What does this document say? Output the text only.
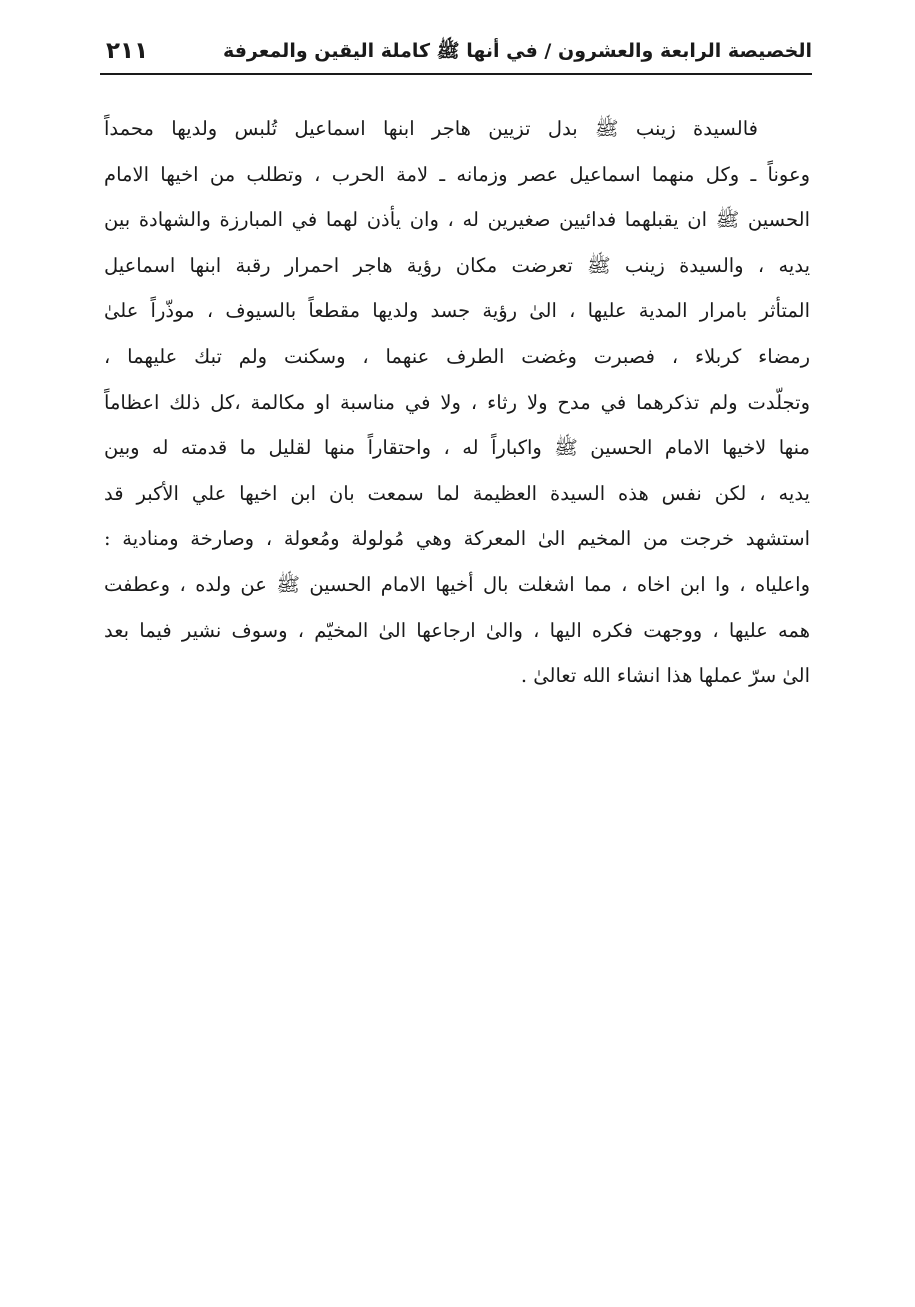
الخصيصة الرابعة والعشرون / في أنها ﷺ كاملة اليقين والمعرفة
٢١١
فالسيدة زينب ﷺ بدل تزيين هاجر ابنها اسماعيل تُلبس ولديها محمداً
وعوناً ـ وكل منهما اسماعيل عصر وزمانه ـ لامة الحرب ، وتطلب من اخيها الامام
الحسين ﷺ ان يقبلهما فدائيين صغيرين له ، وان يأذن لهما في المبارزة والشهادة بين
يديه ، والسيدة زينب ﷺ تعرضت مكان رؤية هاجر احمرار رقبة ابنها اسماعيل
المتأثر بامرار المدية عليها ، الىٰ رؤية جسد ولديها مقطعاً بالسيوف ، موذّراً علىٰ
رمضاء كربلاء ، فصبرت وغضت الطرف عنهما ، وسكنت ولم تبك عليهما ،
وتجلّدت ولم تذكرهما في مدح ولا رثاء ، ولا في مناسبة او مكالمة ،كل ذلك اعظاماً
منها لاخيها الامام الحسين ﷺ واكباراً له ، واحتقاراً منها لقليل ما قدمته له وبين
يديه ، لكن نفس هذه السيدة العظيمة لما سمعت بان ابن اخيها علي الأكبر قد
استشهد خرجت من المخيم الىٰ المعركة وهي مُولولة ومُعولة ، وصارخة ومنادية :
واعلياه ، وا ابن اخاه ، مما اشغلت بال أخيها الامام الحسين ﷺ عن ولده ، وعطفت
همه عليها ، ووجهت فكره اليها ، والىٰ ارجاعها الىٰ المخيّم ، وسوف نشير فيما بعد
الىٰ سرّ عملها هذا انشاء الله تعالىٰ .
